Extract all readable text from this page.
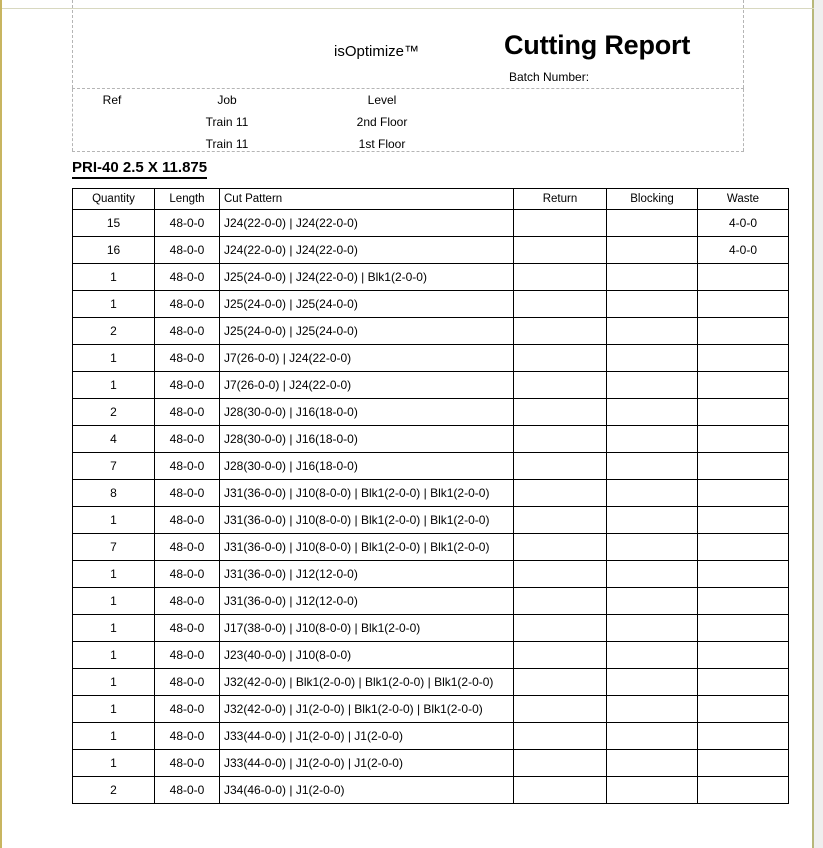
isOptimize™	Cutting Report
Batch Number:
Ref	Job	Level	
	Train 11	2nd Floor	
	Train 11	1st Floor	
PRI-40 2.5 X 11.875
Quantity	Length	Cut Pattern	Return	Blocking	Waste
15	48-0-0	J24(22-0-0) | J24(22-0-0)			4-0-0
16	48-0-0	J24(22-0-0) | J24(22-0-0)			4-0-0
1	48-0-0	J25(24-0-0) | J24(22-0-0) | Blk1(2-0-0)			
1	48-0-0	J25(24-0-0) | J25(24-0-0)			
2	48-0-0	J25(24-0-0) | J25(24-0-0)			
1	48-0-0	J7(26-0-0) | J24(22-0-0)			
1	48-0-0	J7(26-0-0) | J24(22-0-0)			
2	48-0-0	J28(30-0-0) | J16(18-0-0)			
4	48-0-0	J28(30-0-0) | J16(18-0-0)			
7	48-0-0	J28(30-0-0) | J16(18-0-0)			
8	48-0-0	J31(36-0-0) | J10(8-0-0) | Blk1(2-0-0) | Blk1(2-0-0)			
1	48-0-0	J31(36-0-0) | J10(8-0-0) | Blk1(2-0-0) | Blk1(2-0-0)			
7	48-0-0	J31(36-0-0) | J10(8-0-0) | Blk1(2-0-0) | Blk1(2-0-0)			
1	48-0-0	J31(36-0-0) | J12(12-0-0)			
1	48-0-0	J31(36-0-0) | J12(12-0-0)			
1	48-0-0	J17(38-0-0) | J10(8-0-0) | Blk1(2-0-0)			
1	48-0-0	J23(40-0-0) | J10(8-0-0)			
1	48-0-0	J32(42-0-0) | Blk1(2-0-0) | Blk1(2-0-0) | Blk1(2-0-0)			
1	48-0-0	J32(42-0-0) | J1(2-0-0) | Blk1(2-0-0) | Blk1(2-0-0)			
1	48-0-0	J33(44-0-0) | J1(2-0-0) | J1(2-0-0)			
1	48-0-0	J33(44-0-0) | J1(2-0-0) | J1(2-0-0)			
2	48-0-0	J34(46-0-0) | J1(2-0-0)			
